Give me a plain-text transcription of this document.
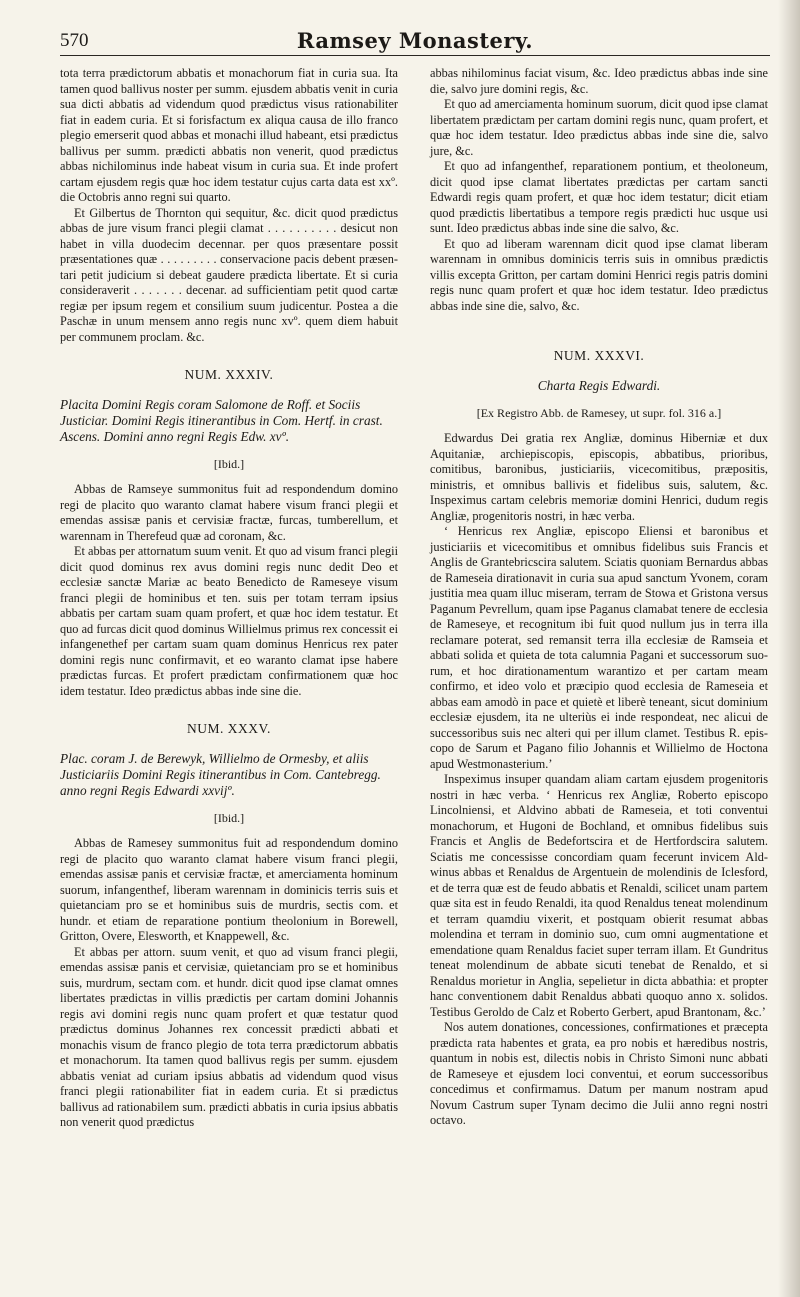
570	Ramsey Monastery.

tota terra prædictorum abbatis et monachorum fiat in curia sua. Ita tamen quod ballivus noster per summ. ejusdem abbatis venit in curia sua dicti abbatis ad videndum quod prædictus visus rationabiliter fiat in eadem curia. Et si forisfactum ex aliqua causa de illo franco plegio emerserit quod abbas et monachi illud habeant, etsi prædictus ballivus per summ. prædicti abbatis non venerit, quod prædictus abbas nichilominus inde habeat visum in curia sua. Et inde profert cartam ejusdem regis quæ hoc idem testatur cujus carta data est xxº. die Octobris anno regni sui quarto.

Et Gilbertus de Thornton qui sequitur, &c. dicit quod prædictus abbas de jure visum franci plegii clamat . . . . . . . . . . desicut non habet in villa duodecim decennar. per quos præsentare possit præsentationes quæ . . . . . . . . . conservacione pacis debent præsentari petit judicium si debeat gaudere prædicta libertate. Et si curia consideraverit . . . . . . . decenar. ad sufficientiam petit quod cartæ regiæ per ipsum regem et consilium suum judicentur. Postea a die Paschæ in unum mensem anno regis nunc xvº. quem diem habuit per communem proclam. &c.

NUM. XXXIV.

Placita Domini Regis coram Salomone de Roff. et Sociis Justiciar. Domini Regis itinerantibus in Com. Hertf. in crast. Ascens. Domini anno regni Regis Edw. xvº.

[Ibid.]

Abbas de Ramseye summonitus fuit ad respondendum domino regi de placito quo waranto clamat habere visum franci plegii et emendas assisæ panis et cervisiæ fractæ, furcas, tumberellum, et warennam in Therefeud quæ ad coronam, &c.

Et abbas per attornatum suum venit. Et quo ad visum franci plegii dicit quod dominus rex avus domini regis nunc dedit Deo et ecclesiæ sanctæ Mariæ ac beato Benedicto de Rameseye visum franci plegii de hominibus et ten. suis per totam terram ipsius abbatis per cartam suam quam profert, et quæ hoc idem testatur. Et quo ad furcas dicit quod dominus Willielmus primus rex concessit ei infangenethef per cartam suam quam dominus Henricus rex pater domini regis nunc confirmavit, et eo waranto clamat ipse habere prædictas furcas. Et profert prædictam confirmationem quæ hoc idem testatur. Ideo prædictus abbas inde sine die.

NUM. XXXV.

Plac. coram J. de Berewyk, Willielmo de Ormesby, et aliis Justiciariis Domini Regis itinerantibus in Com. Cantebregg. anno regni Regis Edwardi xxvijº.

[Ibid.]

Abbas de Ramesey summonitus fuit ad respondendum domino regi de placito quo waranto clamat habere visum franci plegii, emendas assisæ panis et cervisiæ fractæ, et amerciamenta hominum suorum, infangenthef, liberam warennam in dominicis terris suis et quietanciam pro se et hominibus suis de murdris, sectis com. et hundr. et etiam de reparatione pontium theolonium in Borewell, Gritton, Overe, Elesworth, et Knappewell, &c.

Et abbas per attorn. suum venit, et quo ad visum franci plegii, emendas assisæ panis et cervisiæ, quietanciam pro se et hominibus suis, murdrum, sectam com. et hundr. dicit quod ipse clamat omnes libertates prædictas in villis prædictis per cartam domini Johannis regis avi domini regis nunc quam profert et quæ testatur quod prædictus dominus Johannes rex concessit prædicti abbati et monachis visum de franco plegio de tota terra prædictorum abbatis et monachorum. Ita tamen quod ballivus regis per summ. ejusdem abbatis veniat ad curiam ipsius abbatis ad videndum quod visus franci plegii rationabiliter fiat in eadem curia. Et si prædictus ballivus ad rationabilem sum. prædicti abbatis in curia ipsius abbatis non venerit quod prædictus

abbas nihilominus faciat visum, &c. Ideo prædictus abbas inde sine die, salvo jure domini regis, &c.

Et quo ad amerciamenta hominum suorum, dicit quod ipse clamat libertatem prædictam per cartam domini regis nunc, quam profert, et quæ hoc idem testatur. Ideo prædictus abbas inde sine die, salvo jure, &c.

Et quo ad infangenthef, reparationem pontium, et theoloneum, dicit quod ipse clamat libertates prædictas per cartam sancti Edwardi regis quam profert, et quæ hoc idem testatur; dicit etiam quod prædictis libertatibus a tempore regis prædicti huc usque usi sunt. Ideo prædictus abbas inde sine die salvo, &c.

Et quo ad liberam warennam dicit quod ipse clamat liberam warennam in omnibus dominicis terris suis in omnibus prædictis villis excepta Gritton, per cartam domini Henrici regis patris domini regis nunc quam profert et quæ hoc idem testatur. Ideo prædictus abbas inde sine die, salvo, &c.

NUM. XXXVI.

Charta Regis Edwardi.

[Ex Registro Abb. de Ramesey, ut supr. fol. 316 a.]

Edwardus Dei gratia rex Angliæ, dominus Hiberniæ et dux Aquitaniæ, archiepiscopis, episcopis, abbatibus, prioribus, comitibus, baronibus, justiciariis, vicecomitibus, præpositis, ministris, et omnibus ballivis et fidelibus suis, salutem, &c. Inspeximus cartam celebris memoriæ domini Henrici, dudum regis Angliæ, progenitoris nostri, in hæc verba.

‘ Henricus rex Angliæ, episcopo Eliensi et baronibus et justiciariis et vicecomitibus et omnibus fidelibus suis Francis et Anglis de Grantebricscira salutem. Sciatis quoniam Bernardus abbas de Rameseia dirationavit in curia sua apud sanctum Yvonem, coram justitia mea quam illuc miseram, terram de Stowa et Gristona versus Paganum Pevrellum, quam ipse Paganus clamabat tenere de ecclesia de Rameseye, et recognitum ibi fuit quod nullum jus in terra illa reclamare poterat, sed remansit terra illa ecclesiæ de Ramseia et abbati solida et quieta de tota calumnia Pagani et successorum suorum, et hoc dirationamentum warantizo et per cartam meam confirmo, et ideo volo et præcipio quod ecclesia de Rameseia et abbas eam amodò in pace et quietè et liberè teneant, sicut dominium ecclesiæ ejusdem, ita ne ulteriùs ei inde respondeat, nec alicui de successoribus suis nec alteri qui per illum clamet. Testibus R. episcopo de Sarum et Pagano filio Johannis et Willielmo de Hoctona apud Westmonasterium.’

Inspeximus insuper quandam aliam cartam ejusdem progenitoris nostri in hæc verba. ‘ Henricus rex Angliæ, Roberto episcopo Lincolniensi, et Aldvino abbati de Rameseia, et toti conventui monachorum, et Hugoni de Bochland, et omnibus fidelibus suis Francis et Anglis de Bedefortscira et de Hertfordscira salutem. Sciatis me concessisse concordiam quam fecerunt invicem Aldwinus abbas et Renaldus de Argentuein de molendinis de Iclesford, et de terra quæ est de feudo abbatis et Renaldi, scilicet unam partem quæ sita est in feudo Renaldi, ita quod Renaldus teneat molendinum et terram quamdiu vixerit, et postquam obierit resumat abbas molendina et terram in dominio suo, cum omni augmentatione et emendatione quam Renaldus faciet super terram illam. Et Gundritus teneat molendinum de abbate sicuti tenebat de Renaldo, et si Renaldus morietur in Anglia, sepelietur in dicta abbathia: et propter hanc conventionem dabit Renaldus abbati quoquo anno x. solidos. Testibus Geroldo de Calz et Roberto Gerbert, apud Brantonam, &c.’

Nos autem donationes, concessiones, confirmationes et præcepta prædicta rata habentes et grata, ea pro nobis et hæredibus nostris, quantum in nobis est, dilectis nobis in Christo Simoni nunc abbati de Rameseye et ejusdem loci conventui, et eorum successoribus concedimus et confirmamus. Datum per manum nostram apud Novum Castrum super Tynam decimo die Julii anno regni nostri octavo.
